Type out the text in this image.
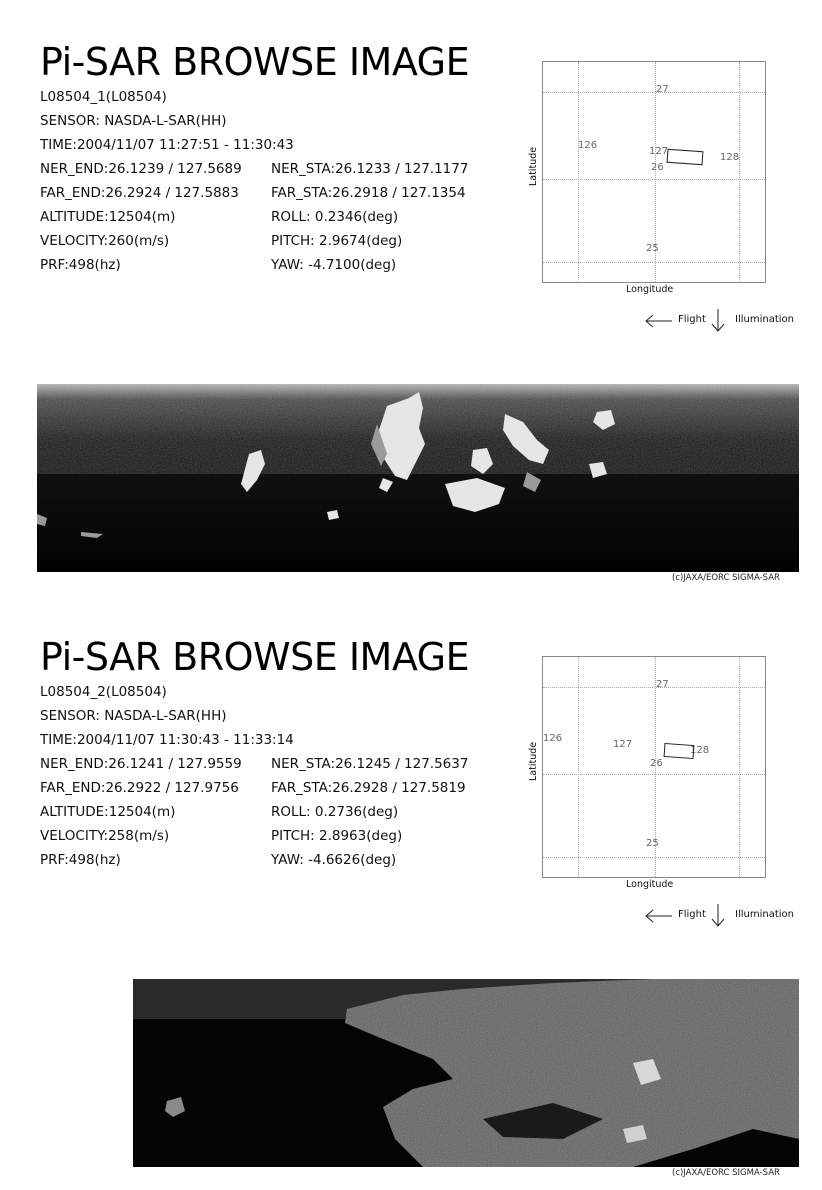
Pi-SAR BROWSE IMAGE
L08504_1(L08504)
SENSOR: NASDA-L-SAR(HH)
TIME:2004/11/07 11:27:51 - 11:30:43
NER_END:26.1239 / 127.5689 NER_STA:26.1233 / 127.1177
FAR_END:26.2924 / 127.5883 FAR_STA:26.2918 / 127.1354
ALTITUDE:12504(m)	ROLL: 0.2346(deg)
VELOCITY:260(m/s)	PITCH: 2.9674(deg)
PRF:498(hz)	YAW: -4.7100(deg)
27
126
127
26
128
25
Latitude
Longitude
Flight	Illumination
(c)JAXA/EORC SIGMA-SAR
Pi-SAR BROWSE IMAGE
L08504_2(L08504)
SENSOR: NASDA-L-SAR(HH)
TIME:2004/11/07 11:30:43 - 11:33:14
NER_END:26.1241 / 127.9559 NER_STA:26.1245 / 127.5637
FAR_END:26.2922 / 127.9756 FAR_STA:26.2928 / 127.5819
ALTITUDE:12504(m)	ROLL: 0.2736(deg)
VELOCITY:258(m/s)	PITCH: 2.8963(deg)
PRF:498(hz)	YAW: -4.6626(deg)
27
126
127
26
128
25
Latitude
Longitude
Flight	Illumination
(c)JAXA/EORC SIGMA-SAR
